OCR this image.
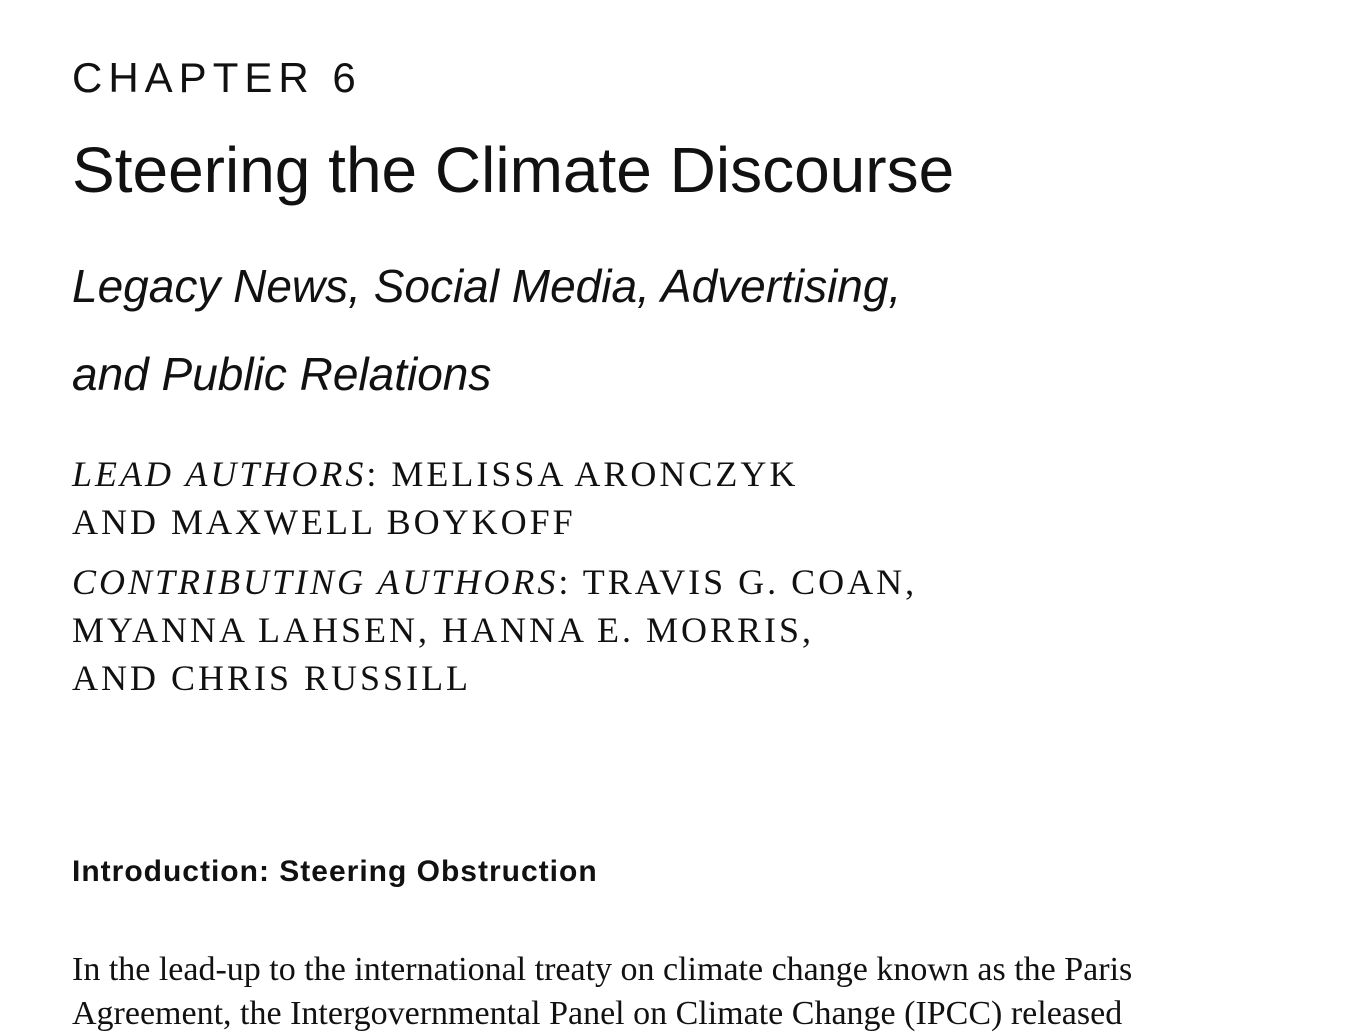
CHAPTER 6
Steering the Climate Discourse
Legacy News, Social Media, Advertising,
and Public Relations
LEAD AUTHORS: MELISSA ARONCZYK
AND MAXWELL BOYKOFF
CONTRIBUTING AUTHORS: TRAVIS G. COAN,
MYANNA LAHSEN, HANNA E. MORRIS,
AND CHRIS RUSSILL
Introduction: Steering Obstruction
In the lead-up to the international treaty on climate change known as the Paris
Agreement, the Intergovernmental Panel on Climate Change (IPCC) released
